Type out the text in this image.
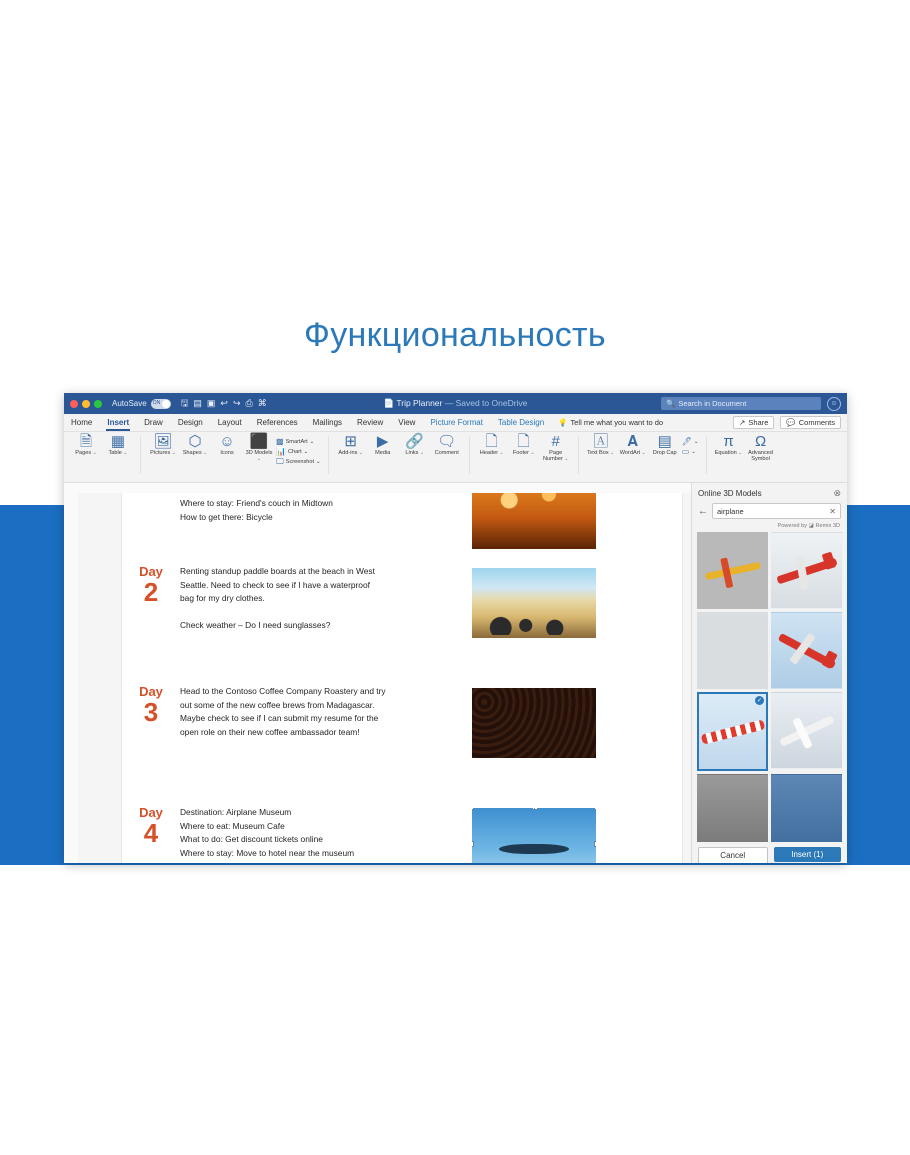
Функциональность
AutoSave ON 🖫 ▤ ▣ ↩ ↪ ⎙ ⌘	📄 Trip Planner — Saved to OneDrive	🔍 Search in Document	☺
Home Insert Draw Design Layout References Mailings Review View Picture Format Table Design 💡 Tell me what you want to do	↗ Share 💬 Comments
🗎
Pages ⌄
▦
Table ⌄
🖼
Pictures ⌄
⬡
Shapes ⌄
☺
Icons
⬛
3D Models ⌄
▩ SmartArt ⌄
📊 Chart ⌄
🖵 Screenshot ⌄
⊞
Add-ins ⌄
▶
Media
🔗
Links ⌄
🗨
Comment
🗋
Header ⌄
🗋
Footer ⌄
#
Page Number ⌄
🄰
Text Box ⌄
𝐀
WordArt ⌄
▤
Drop Cap
🖊 ⌄
▭ ⌄
π
Equation ⌄
Ω
Advanced Symbol
Where to stay: Friend's couch in Midtown
How to get there: Bicycle
Day
2
Renting standup paddle boards at the beach in West
Seattle. Need to check to see if I have a waterproof
bag for my dry clothes.

Check weather – Do I need sunglasses?
Day
3
Head to the Contoso Coffee Company Roastery and try
out some of the new coffee brews from Madagascar.
Maybe check to see if I can submit my resume for the
open role on their new coffee ambassador team!
Day
4
Destination: Airplane Museum
Where to eat: Museum Cafe
What to do: Get discount tickets online
Where to stay: Move to hotel near the museum
Online 3D Models	⊗
← airplane	✕
Powered by ◪ Remix 3D
✓
Cancel	Insert (1)
